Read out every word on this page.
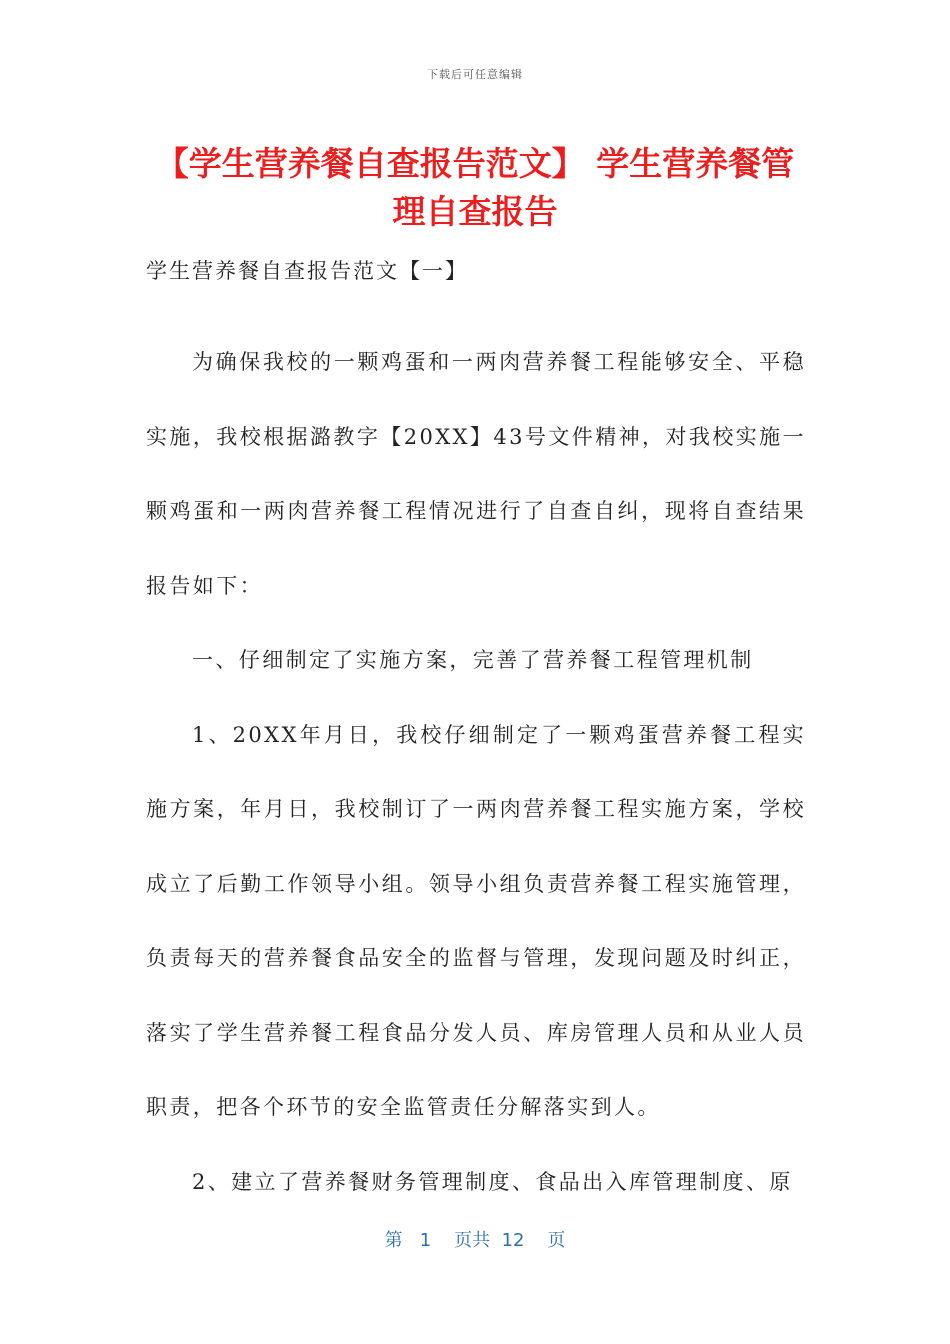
下载后可任意编辑
【学生营养餐自查报告范文】 学生营养餐管理自查报告
学生营养餐自查报告范文【一】

为确保我校的一颗鸡蛋和一两肉营养餐工程能够安全、平稳实施，我校根据潞教字【20XX】43号文件精神，对我校实施一颗鸡蛋和一两肉营养餐工程情况进行了自查自纠，现将自查结果报告如下：

一、仔细制定了实施方案，完善了营养餐工程管理机制

1、20XX年月日，我校仔细制定了一颗鸡蛋营养餐工程实施方案，年月日，我校制订了一两肉营养餐工程实施方案，学校成立了后勤工作领导小组。领导小组负责营养餐工程实施管理，负责每天的营养餐食品安全的监督与管理，发现问题及时纠正，落实了学生营养餐工程食品分发人员、库房管理人员和从业人员职责，把各个环节的安全监管责任分解落实到人。

2、建立了营养餐财务管理制度、食品出入库管理制度、原

第 1 页共 12 页
